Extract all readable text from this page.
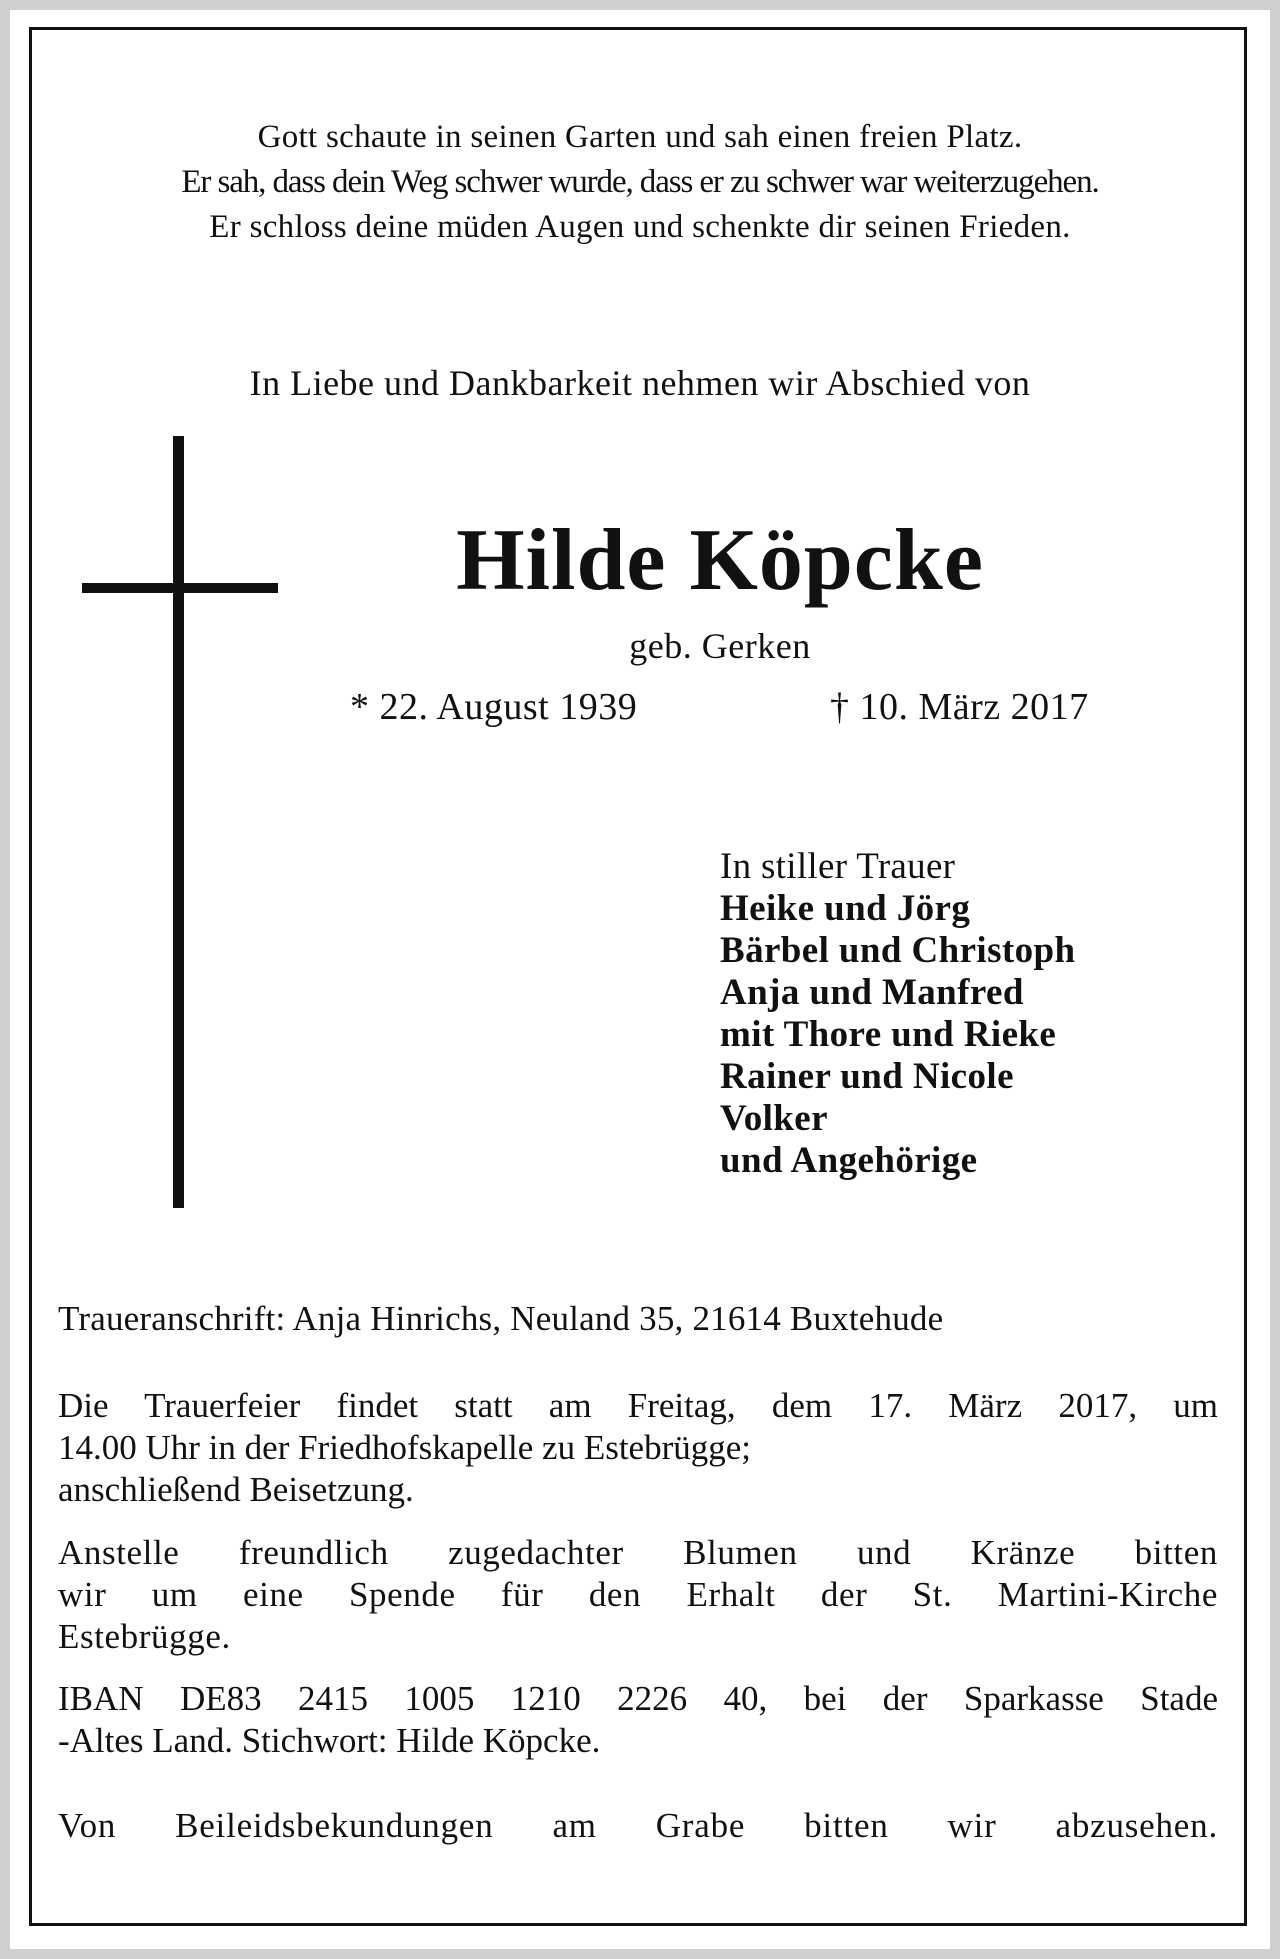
Gott schaute in seinen Garten und sah einen freien Platz.
Er sah, dass dein Weg schwer wurde, dass er zu schwer war weiterzugehen.
Er schloss deine müden Augen und schenkte dir seinen Frieden.
In Liebe und Dankbarkeit nehmen wir Abschied von
Hilde Köpcke
geb. Gerken
* 22. August 1939	† 10. März 2017
In stiller Trauer
Heike und Jörg
Bärbel und Christoph
Anja und Manfred
mit Thore und Rieke
Rainer und Nicole
Volker
und Angehörige
Traueranschrift: Anja Hinrichs, Neuland 35, 21614 Buxtehude
Die Trauerfeier findet statt am Freitag, dem 17. März 2017, um
14.00 Uhr in der Friedhofskapelle zu Estebrügge;
anschließend Beisetzung.
Anstelle freundlich zugedachter Blumen und Kränze bitten
wir um eine Spende für den Erhalt der St. Martini-Kirche
Estebrügge.
IBAN DE83 2415 1005 1210 2226 40, bei der Sparkasse Stade
-Altes Land. Stichwort: Hilde Köpcke.
Von Beileidsbekundungen am Grabe bitten wir abzusehen.
